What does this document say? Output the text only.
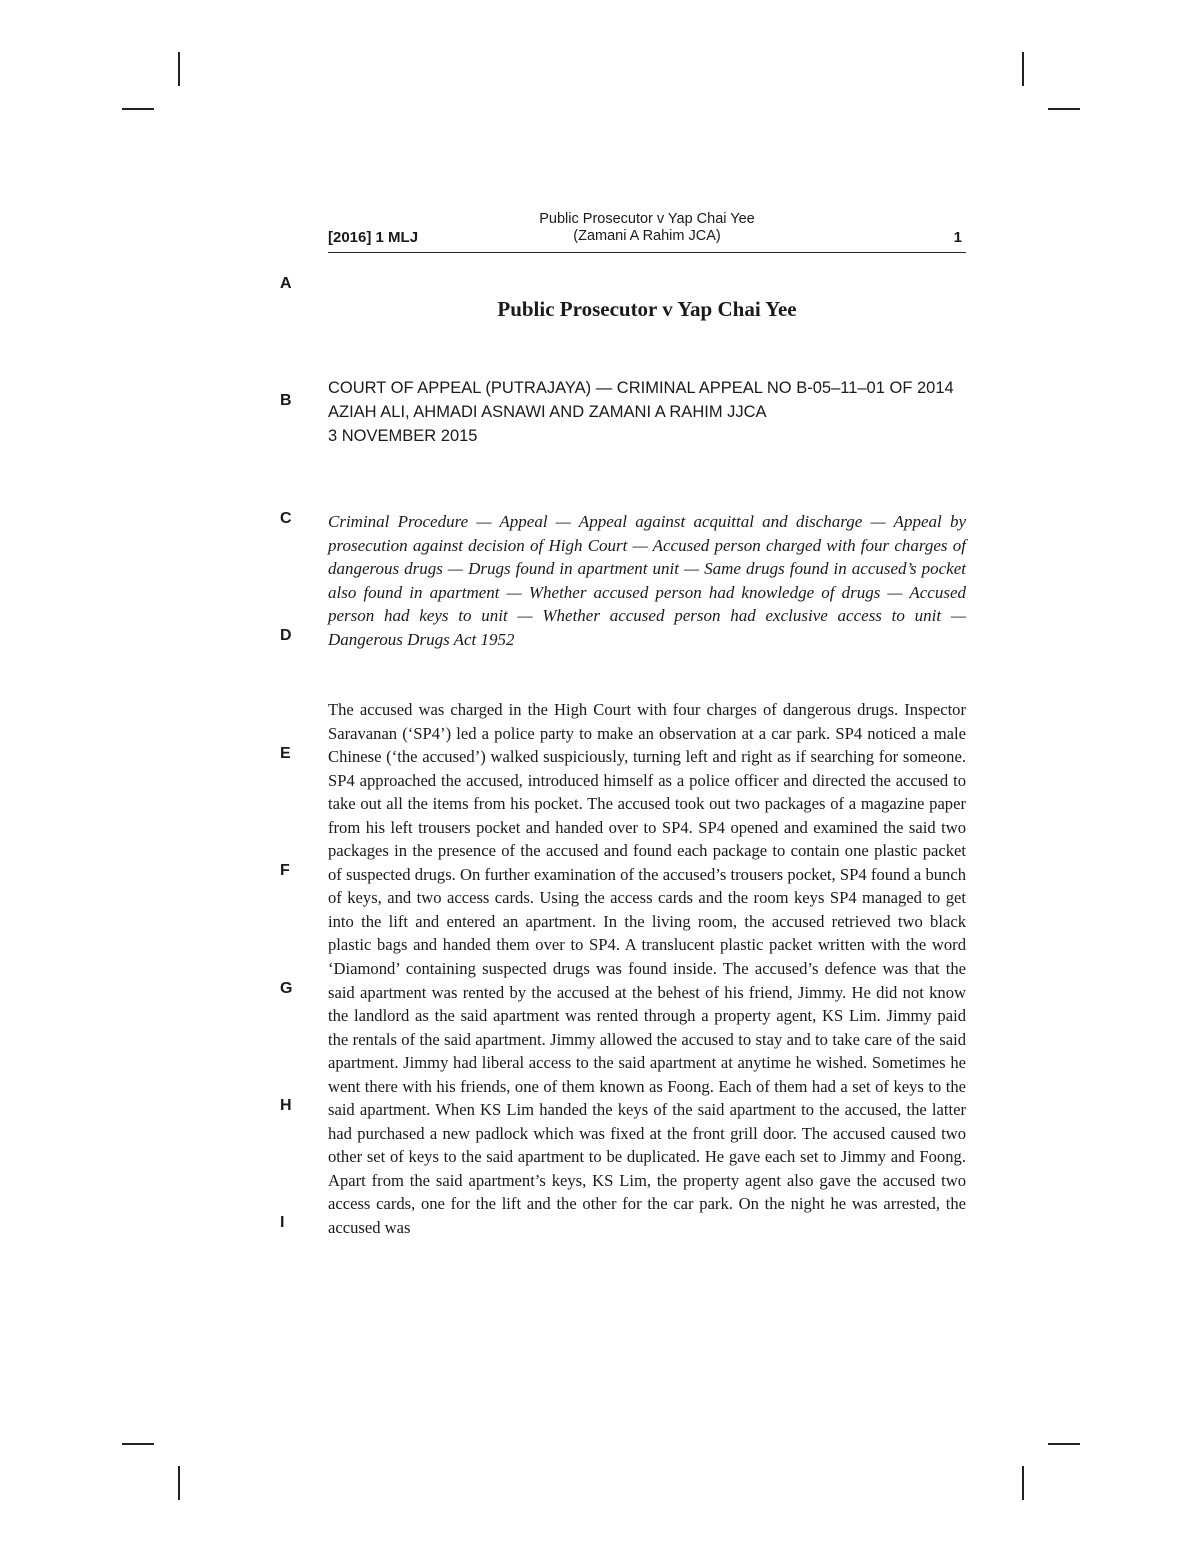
[2016] 1 MLJ
Public Prosecutor v Yap Chai Yee
(Zamani A Rahim JCA)	1
A
B
C
D
E
F
G
H
I
Public Prosecutor v Yap Chai Yee
COURT OF APPEAL (PUTRAJAYA) — CRIMINAL APPEAL NO B-05–11–01 OF 2014
AZIAH ALI, AHMADI ASNAWI AND ZAMANI A RAHIM JJCA
3 NOVEMBER 2015

Criminal Procedure — Appeal — Appeal against acquittal and discharge — Appeal by prosecution against decision of High Court — Accused person charged with four charges of dangerous drugs — Drugs found in apartment unit — Same drugs found in accused’s pocket also found in apartment — Whether accused person had knowledge of drugs — Accused person had keys to unit — Whether accused person had exclusive access to unit — Dangerous Drugs Act 1952

The accused was charged in the High Court with four charges of dangerous drugs. Inspector Saravanan (‘SP4’) led a police party to make an observation at a car park. SP4 noticed a male Chinese (‘the accused’) walked suspiciously, turning left and right as if searching for someone. SP4 approached the accused, introduced himself as a police officer and directed the accused to take out all the items from his pocket. The accused took out two packages of a magazine paper from his left trousers pocket and handed over to SP4. SP4 opened and examined the said two packages in the presence of the accused and found each package to contain one plastic packet of suspected drugs. On further examination of the accused’s trousers pocket, SP4 found a bunch of keys, and two access cards. Using the access cards and the room keys SP4 managed to get into the lift and entered an apartment. In the living room, the accused retrieved two black plastic bags and handed them over to SP4. A translucent plastic packet written with the word ‘Diamond’ containing suspected drugs was found inside. The accused’s defence was that the said apartment was rented by the accused at the behest of his friend, Jimmy. He did not know the landlord as the said apartment was rented through a property agent, KS Lim. Jimmy paid the rentals of the said apartment. Jimmy allowed the accused to stay and to take care of the said apartment. Jimmy had liberal access to the said apartment at anytime he wished. Sometimes he went there with his friends, one of them known as Foong. Each of them had a set of keys to the said apartment. When KS Lim handed the keys of the said apartment to the accused, the latter had purchased a new padlock which was fixed at the front grill door. The accused caused two other set of keys to the said apartment to be duplicated. He gave each set to Jimmy and Foong. Apart from the said apartment’s keys, KS Lim, the property agent also gave the accused two access cards, one for the lift and the other for the car park. On the night he was arrested, the accused was
